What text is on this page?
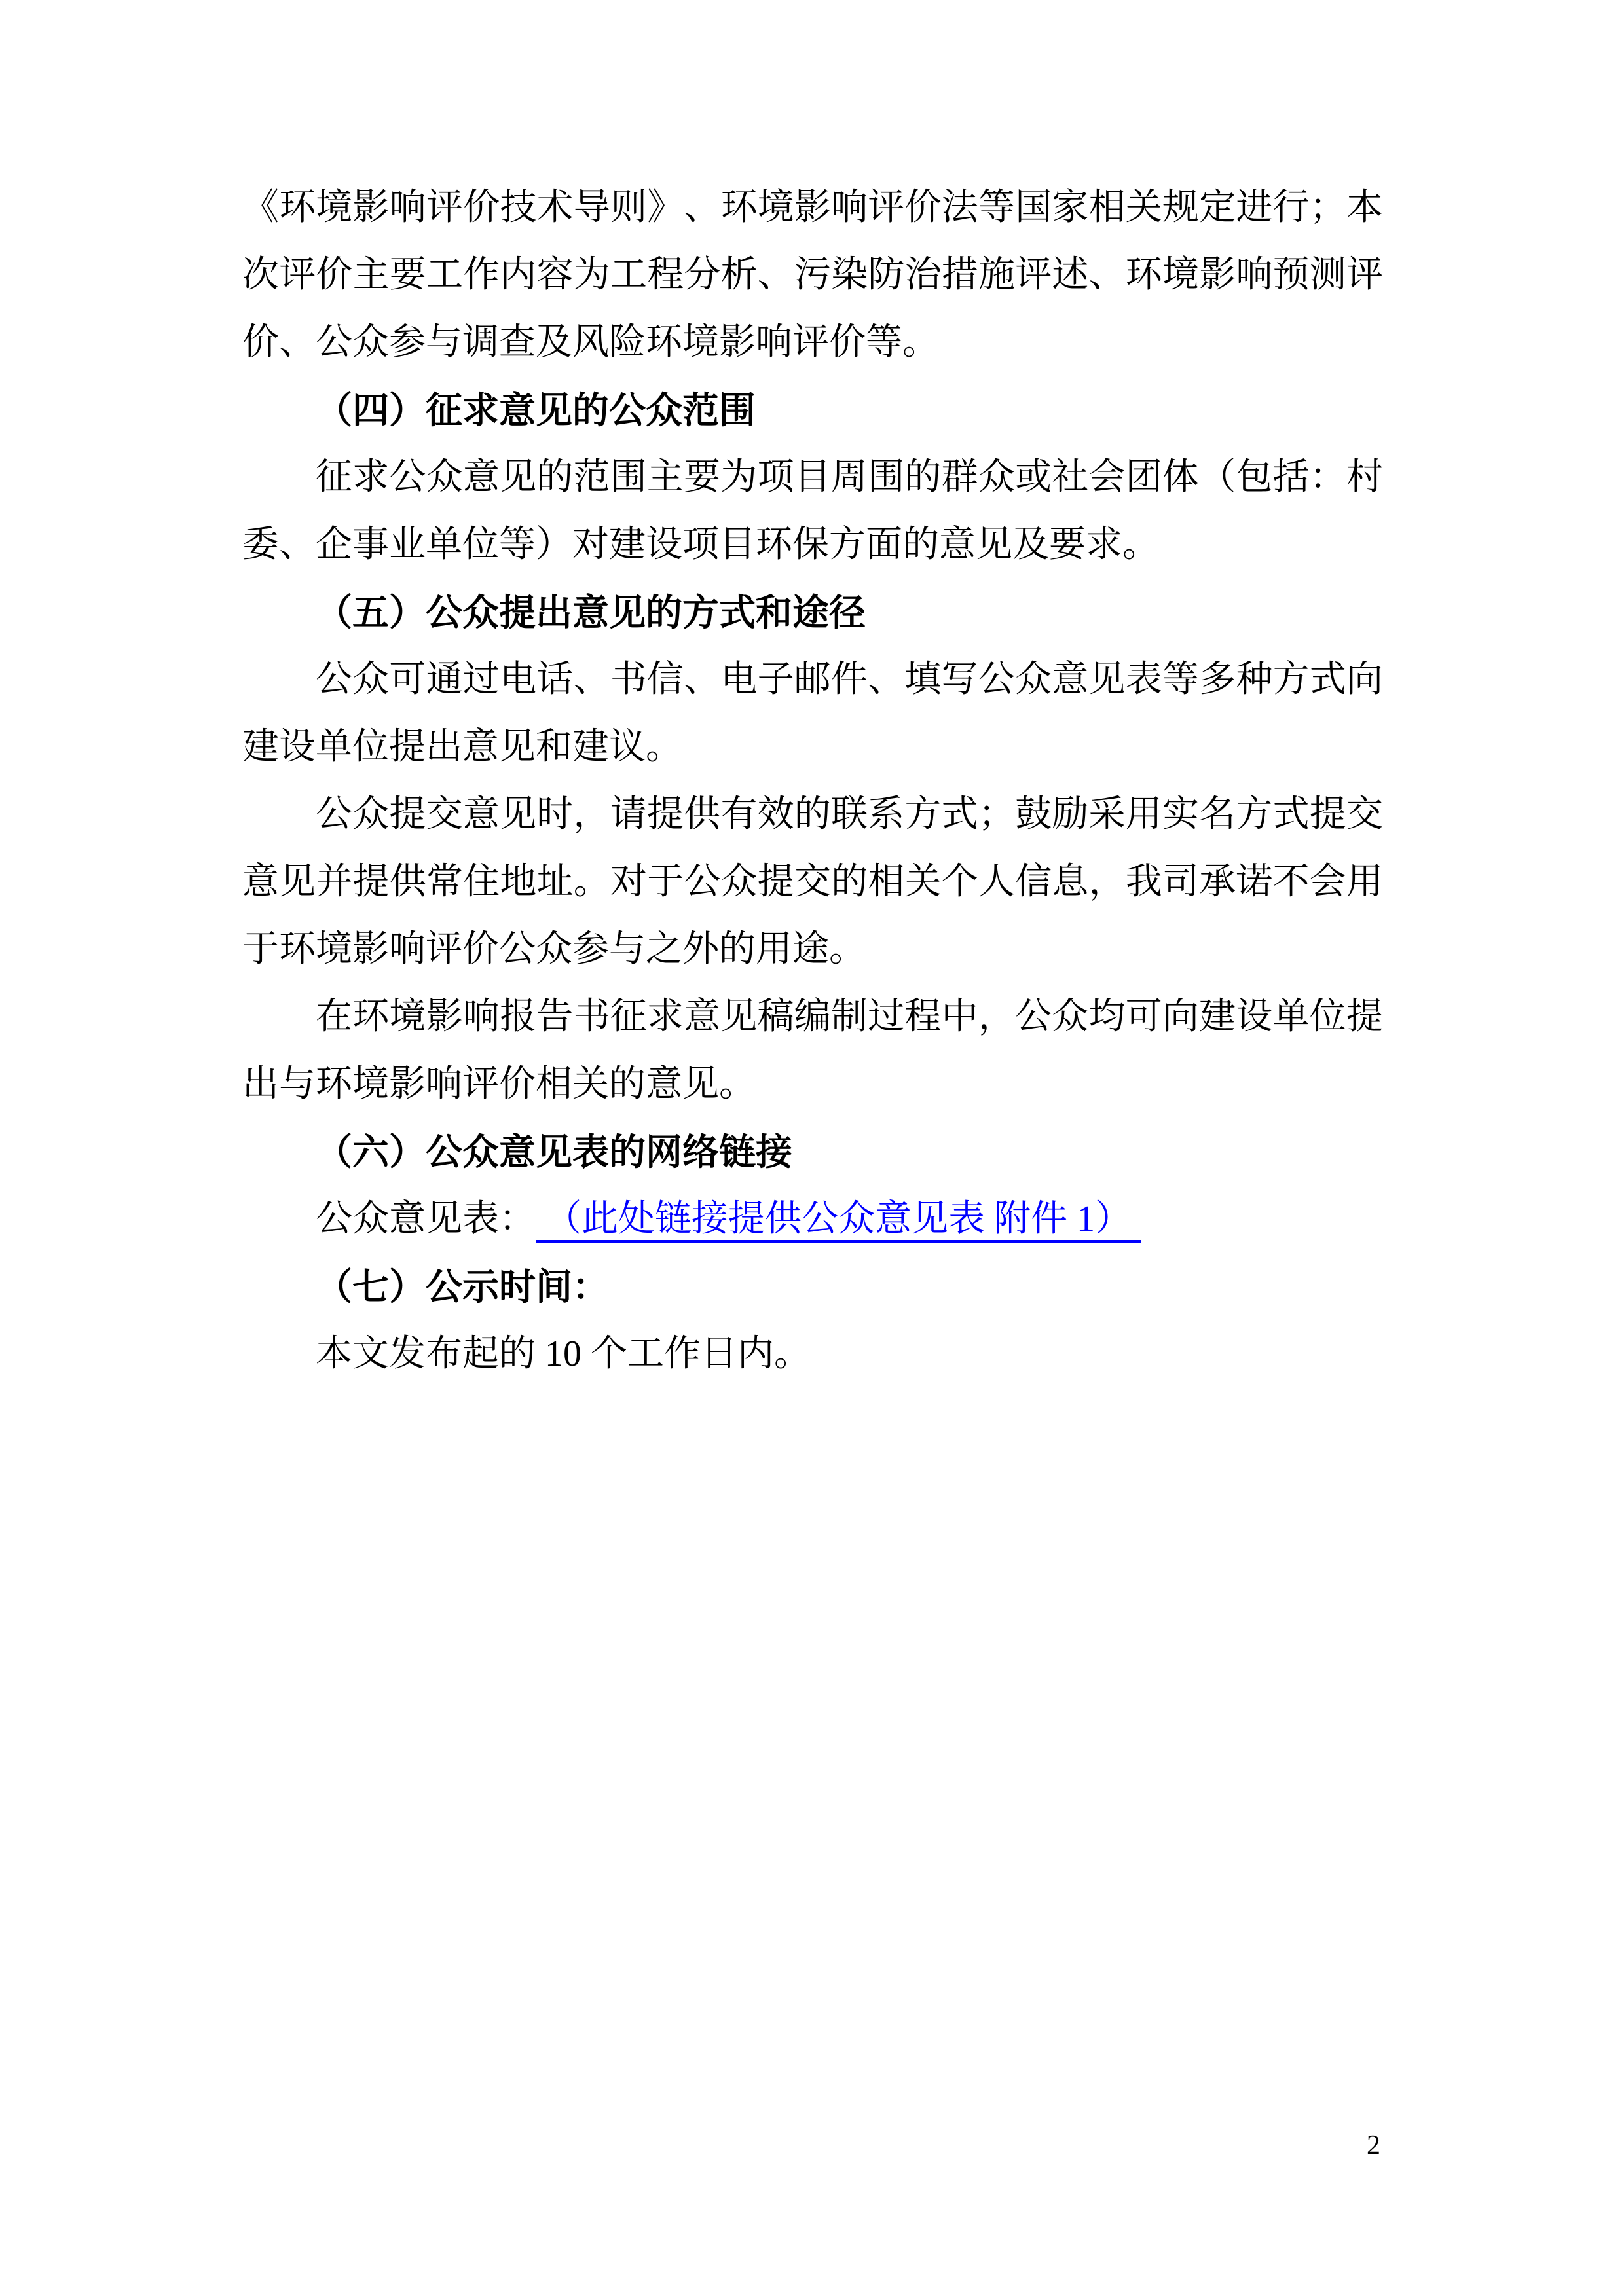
《环境影响评价技术导则》、环境影响评价法等国家相关规定进行；本次评价主要工作内容为工程分析、污染防治措施评述、环境影响预测评价、公众参与调查及风险环境影响评价等。

（四）征求意见的公众范围

征求公众意见的范围主要为项目周围的群众或社会团体（包括：村委、企事业单位等）对建设项目环保方面的意见及要求。

（五）公众提出意见的方式和途径

公众可通过电话、书信、电子邮件、填写公众意见表等多种方式向建设单位提出意见和建议。

公众提交意见时，请提供有效的联系方式；鼓励采用实名方式提交意见并提供常住地址。对于公众提交的相关个人信息，我司承诺不会用于环境影响评价公众参与之外的用途。

在环境影响报告书征求意见稿编制过程中，公众均可向建设单位提出与环境影响评价相关的意见。

（六）公众意见表的网络链接

公众意见表： （此处链接提供公众意见表 附件 1）

（七）公示时间：

本文发布起的 10 个工作日内。

2
